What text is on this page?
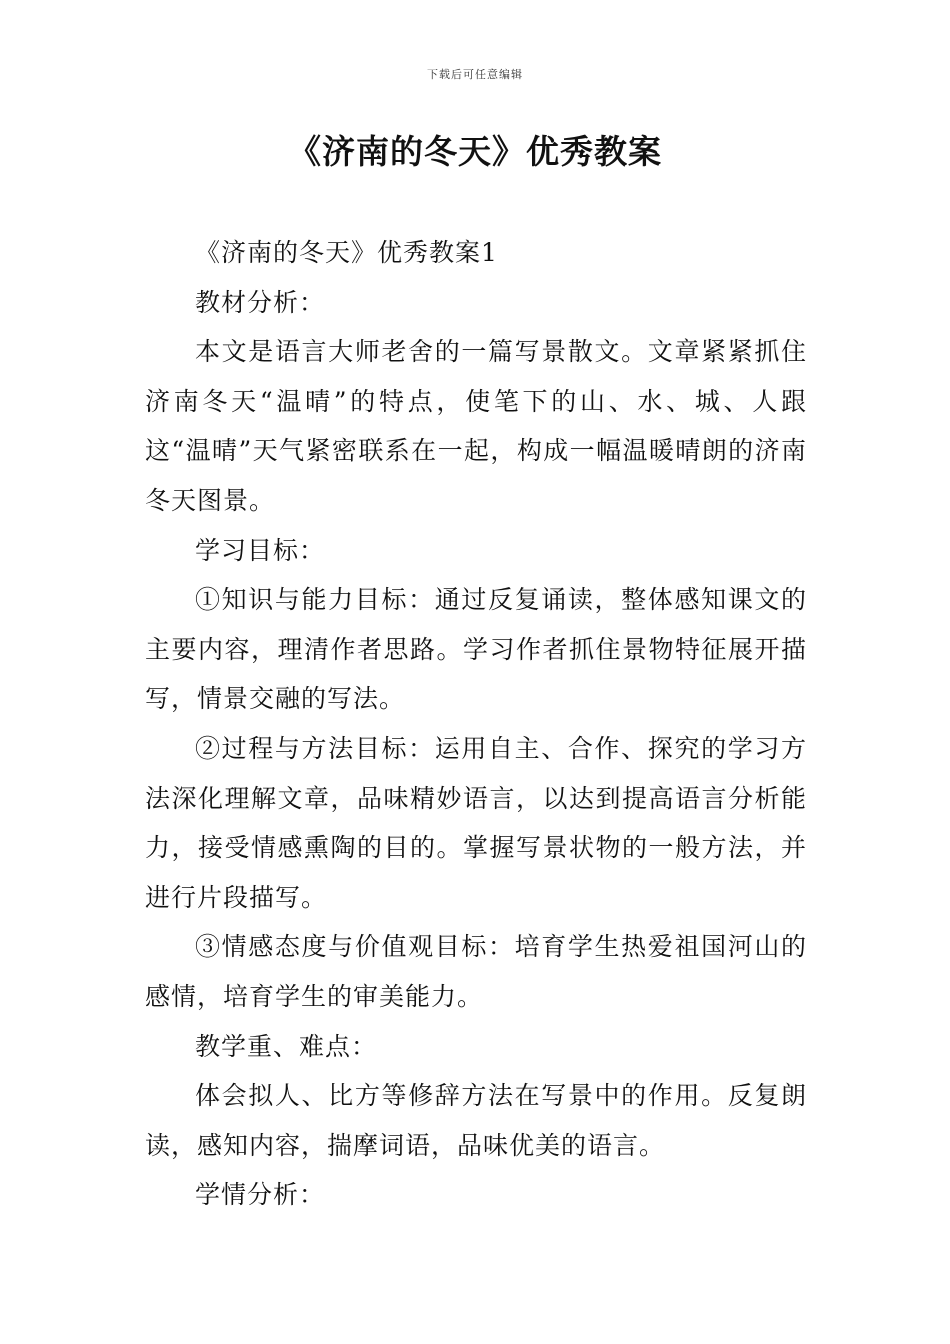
下载后可任意编辑
《济南的冬天》优秀教案

《济南的冬天》优秀教案1

教材分析：

本文是语言大师老舍的一篇写景散文。文章紧紧抓住济南冬天“温晴”的特点，使笔下的山、水、城、人跟这“温晴”天气紧密联系在一起，构成一幅温暖晴朗的济南冬天图景。

学习目标：

①知识与能力目标：通过反复诵读，整体感知课文的主要内容，理清作者思路。学习作者抓住景物特征展开描写，情景交融的写法。

②过程与方法目标：运用自主、合作、探究的学习方法深化理解文章，品味精妙语言，以达到提高语言分析能力，接受情感熏陶的目的。掌握写景状物的一般方法，并进行片段描写。

③情感态度与价值观目标：培育学生热爱祖国河山的感情，培育学生的审美能力。

教学重、难点：

体会拟人、比方等修辞方法在写景中的作用。反复朗读，感知内容，揣摩词语，品味优美的语言。

学情分析：
